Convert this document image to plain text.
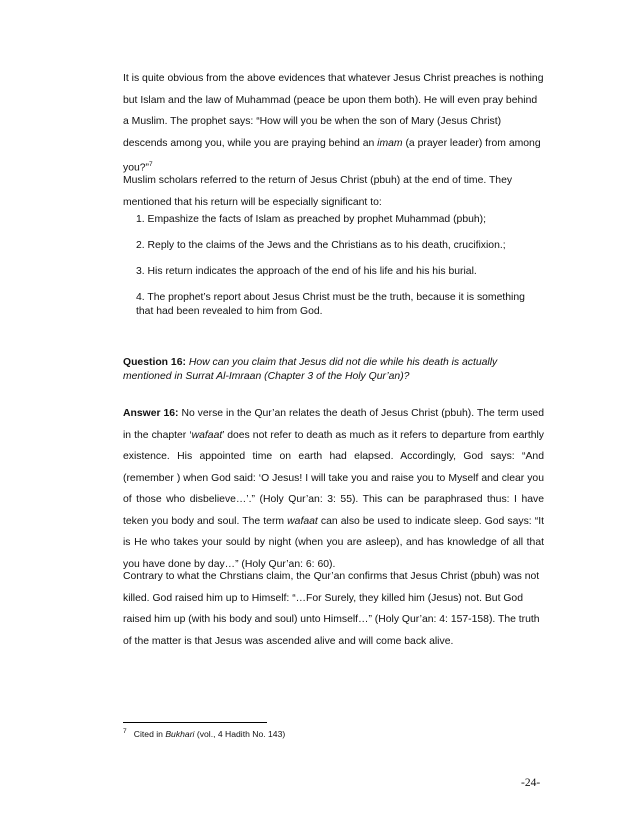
It is quite obvious from the above evidences that whatever Jesus Christ preaches is nothing but Islam and the law of Muhammad (peace be upon them both). He will even pray behind a Muslim. The prophet says: “How will you be when the son of Mary (Jesus Christ) descends among you, while you are praying behind an imam (a prayer leader) from among you?”$^7$

Muslim scholars referred to the return of Jesus Christ (pbuh) at the end of time. They mentioned that his return will be especially significant to:

1. Empashize the facts of Islam as preached by prophet Muhammad (pbuh);

2. Reply to the claims of the Jews and the Christians as to his death, crucifixion.;

3. His return indicates the approach of the end of his life and his his burial.

4. The prophet’s report about Jesus Christ must be the truth, because it is something that had been revealed to him from God.

Question 16: How can you claim that Jesus did not die while his death is actually mentioned in Surrat Al-Imraan (Chapter 3 of the Holy Qur’an)?

Answer 16: No verse in the Qur’an relates the death of Jesus Christ (pbuh). The term used in the chapter ‘wafaat’ does not refer to death as much as it refers to departure from earthly existence. His appointed time on earth had elapsed. Accordingly, God says: “And (remember ) when God said: ‘O Jesus! I will take you and raise you to Myself and clear you of those who disbelieve…’.” (Holy Qur’an: 3: 55). This can be paraphrased thus: I have teken you body and soul. The term wafaat can also be used to indicate sleep. God says: “It is He who takes your sould by night (when you are asleep), and has knowledge of all that you have done by day…” (Holy Qur’an: 6: 60).

Contrary to what the Chrstians claim, the Qur’an confirms that Jesus Christ (pbuh) was not killed. God raised him up to Himself: “…For Surely, they killed him (Jesus) not. But God raised him up (with his body and soul) unto Himself…” (Holy Qur’an: 4: 157-158). The truth of the matter is that Jesus was ascended alive and will come back alive.

$^7$ Cited in Bukhari (vol., 4 Hadith No. 143)
-24-
